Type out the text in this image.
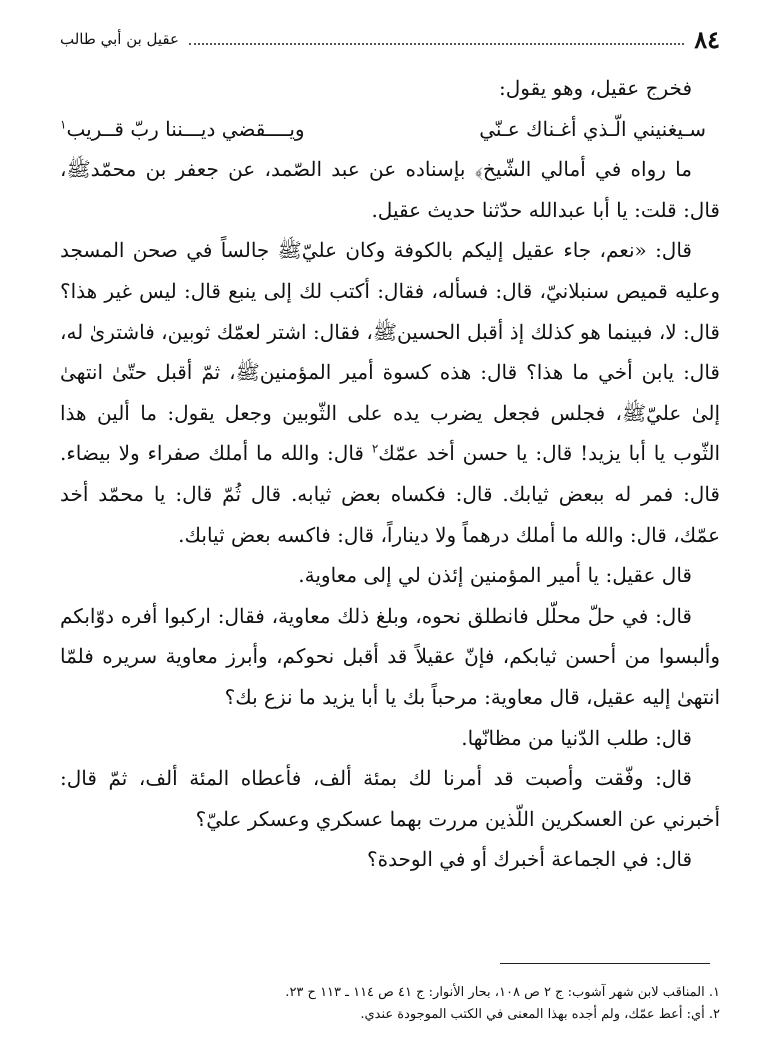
٨٤
عقيل بن أبي طالب

فخرج عقيل، وهو يقول:

سـيغنيني الّـذي أغـناك عـنّي
ويــــقضي ديـــننا ربّ قــريب$^١$

ما رواه في أمالي الشّيخ﴾ بإسناده عن عبد الصّمد، عن جعفر بن محمّدﷺ، قال: قلت: يا أبا عبدالله حدّثنا حديث عقيل.

قال: «نعم، جاء عقيل إليكم بالكوفة وكان عليّﷺ جالساً في صحن المسجد وعليه قميص سنبلانيّ، قال: فسأله، فقال: أكتب لك إلى ينبع قال: ليس غير هذا؟ قال: لا، فبينما هو كذلك إذ أقبل الحسينﷺ، فقال: اشتر لعمّك ثوبين، فاشترىٰ له، قال: يابن أخي ما هذا؟ قال: هذه كسوة أمير المؤمنينﷺ، ثمّ أقبل حتّىٰ انتهىٰ إلىٰ عليّﷺ، فجلس فجعل يضرب يده على الثّوبين وجعل يقول: ما ألين هذا الثّوب يا أبا يزيد! قال: يا حسن أخد عمّك$^٢$ قال: والله ما أملك صفراء ولا بيضاء. قال: فمر له ببعض ثيابك. قال: فكساه بعض ثيابه. قال ثُمّ قال: يا محمّد أخد عمّك، قال: والله ما أملك درهماً ولا ديناراً، قال: فاكسه بعض ثيابك.

قال عقيل: يا أمير المؤمنين إئذن لي إلى معاوية.

قال: في حلّ محلّل فانطلق نحوه، وبلغ ذلك معاوية، فقال: اركبوا أفره دوّابكم وألبسوا من أحسن ثيابكم، فإنّ عقيلاً قد أقبل نحوكم، وأبرز معاوية سريره فلمّا انتهىٰ إليه عقيل، قال معاوية: مرحباً بك يا أبا يزيد ما نزع بك؟

قال: طلب الدّنيا من مظانّها.

قال: وفّقت وأصبت قد أمرنا لك بمئة ألف، فأعطاه المئة ألف، ثمّ قال: أخبرني عن العسكرين اللّذين مررت بهما عسكري وعسكر عليّ؟

قال: في الجماعة أخبرك أو في الوحدة؟

١. المناقب لابن شهر آشوب: ج ٢ ص ١٠٨، بحار الأنوار: ج ٤١ ص ١١٤ ـ ١١٣ ح ٢٣.

٢. أي: أعط عمّك، ولم أجده بهذا المعنى في الكتب الموجودة عندي.
